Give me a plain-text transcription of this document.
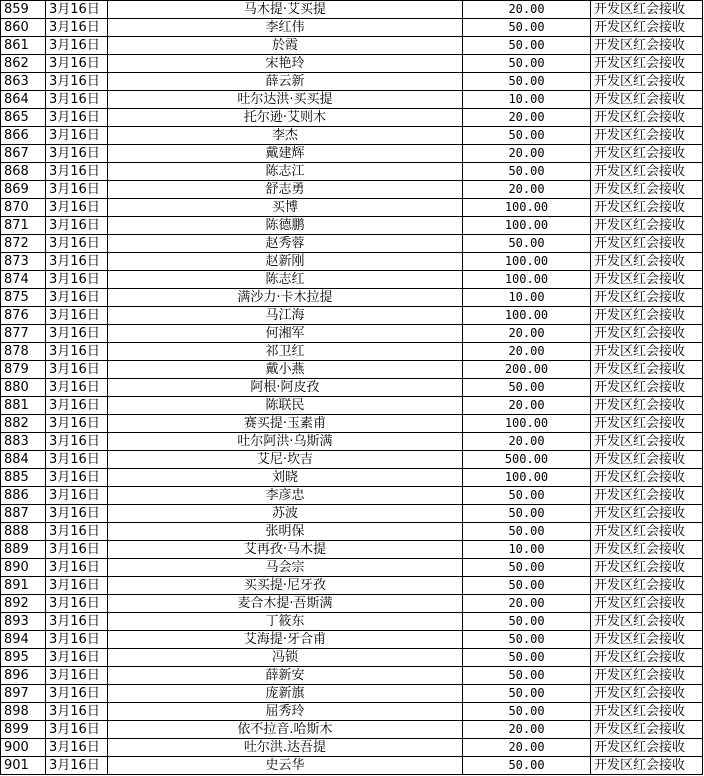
859	3月16日	马木提·艾买提	20.00	开发区红会接收
860	3月16日	李红伟	50.00	开发区红会接收
861	3月16日	於霞	50.00	开发区红会接收
862	3月16日	宋艳玲	50.00	开发区红会接收
863	3月16日	薛云新	50.00	开发区红会接收
864	3月16日	吐尔达洪·买买提	10.00	开发区红会接收
865	3月16日	托尔逊·艾则木	20.00	开发区红会接收
866	3月16日	李杰	50.00	开发区红会接收
867	3月16日	戴建辉	20.00	开发区红会接收
868	3月16日	陈志江	50.00	开发区红会接收
869	3月16日	舒志勇	20.00	开发区红会接收
870	3月16日	买博	100.00	开发区红会接收
871	3月16日	陈德鹏	100.00	开发区红会接收
872	3月16日	赵秀蓉	50.00	开发区红会接收
873	3月16日	赵新刚	100.00	开发区红会接收
874	3月16日	陈志红	100.00	开发区红会接收
875	3月16日	满沙力·卡木拉提	10.00	开发区红会接收
876	3月16日	马江海	100.00	开发区红会接收
877	3月16日	何湘军	20.00	开发区红会接收
878	3月16日	祁卫红	20.00	开发区红会接收
879	3月16日	戴小燕	200.00	开发区红会接收
880	3月16日	阿根·阿皮孜	50.00	开发区红会接收
881	3月16日	陈联民	20.00	开发区红会接收
882	3月16日	赛买提·玉素甫	100.00	开发区红会接收
883	3月16日	吐尔阿洪·乌斯满	20.00	开发区红会接收
884	3月16日	艾尼·坎吉	500.00	开发区红会接收
885	3月16日	刘晓	100.00	开发区红会接收
886	3月16日	李彦忠	50.00	开发区红会接收
887	3月16日	苏波	50.00	开发区红会接收
888	3月16日	张明保	50.00	开发区红会接收
889	3月16日	艾再孜·马木提	10.00	开发区红会接收
890	3月16日	马会宗	50.00	开发区红会接收
891	3月16日	买买提·尼牙孜	50.00	开发区红会接收
892	3月16日	麦合木提·吾斯满	20.00	开发区红会接收
893	3月16日	丁筱东	50.00	开发区红会接收
894	3月16日	艾海提·牙合甫	50.00	开发区红会接收
895	3月16日	冯锁	50.00	开发区红会接收
896	3月16日	薛新安	50.00	开发区红会接收
897	3月16日	庞新旗	50.00	开发区红会接收
898	3月16日	屈秀玲	50.00	开发区红会接收
899	3月16日	依不拉音.哈斯木	20.00	开发区红会接收
900	3月16日	吐尔洪.达吾提	20.00	开发区红会接收
901	3月16日	史云华	50.00	开发区红会接收
